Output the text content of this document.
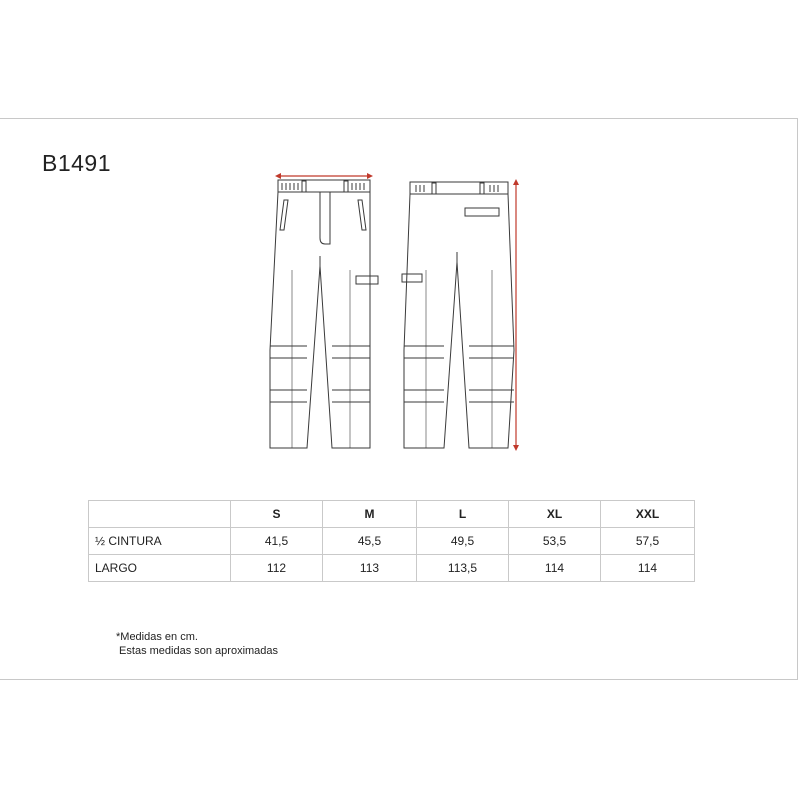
B1491
	S	M	L	XL	XXL
½ CINTURA	41,5	45,5	49,5	53,5	57,5
LARGO	112	113	113,5	114	114
*Medidas en cm.
Estas medidas son aproximadas
